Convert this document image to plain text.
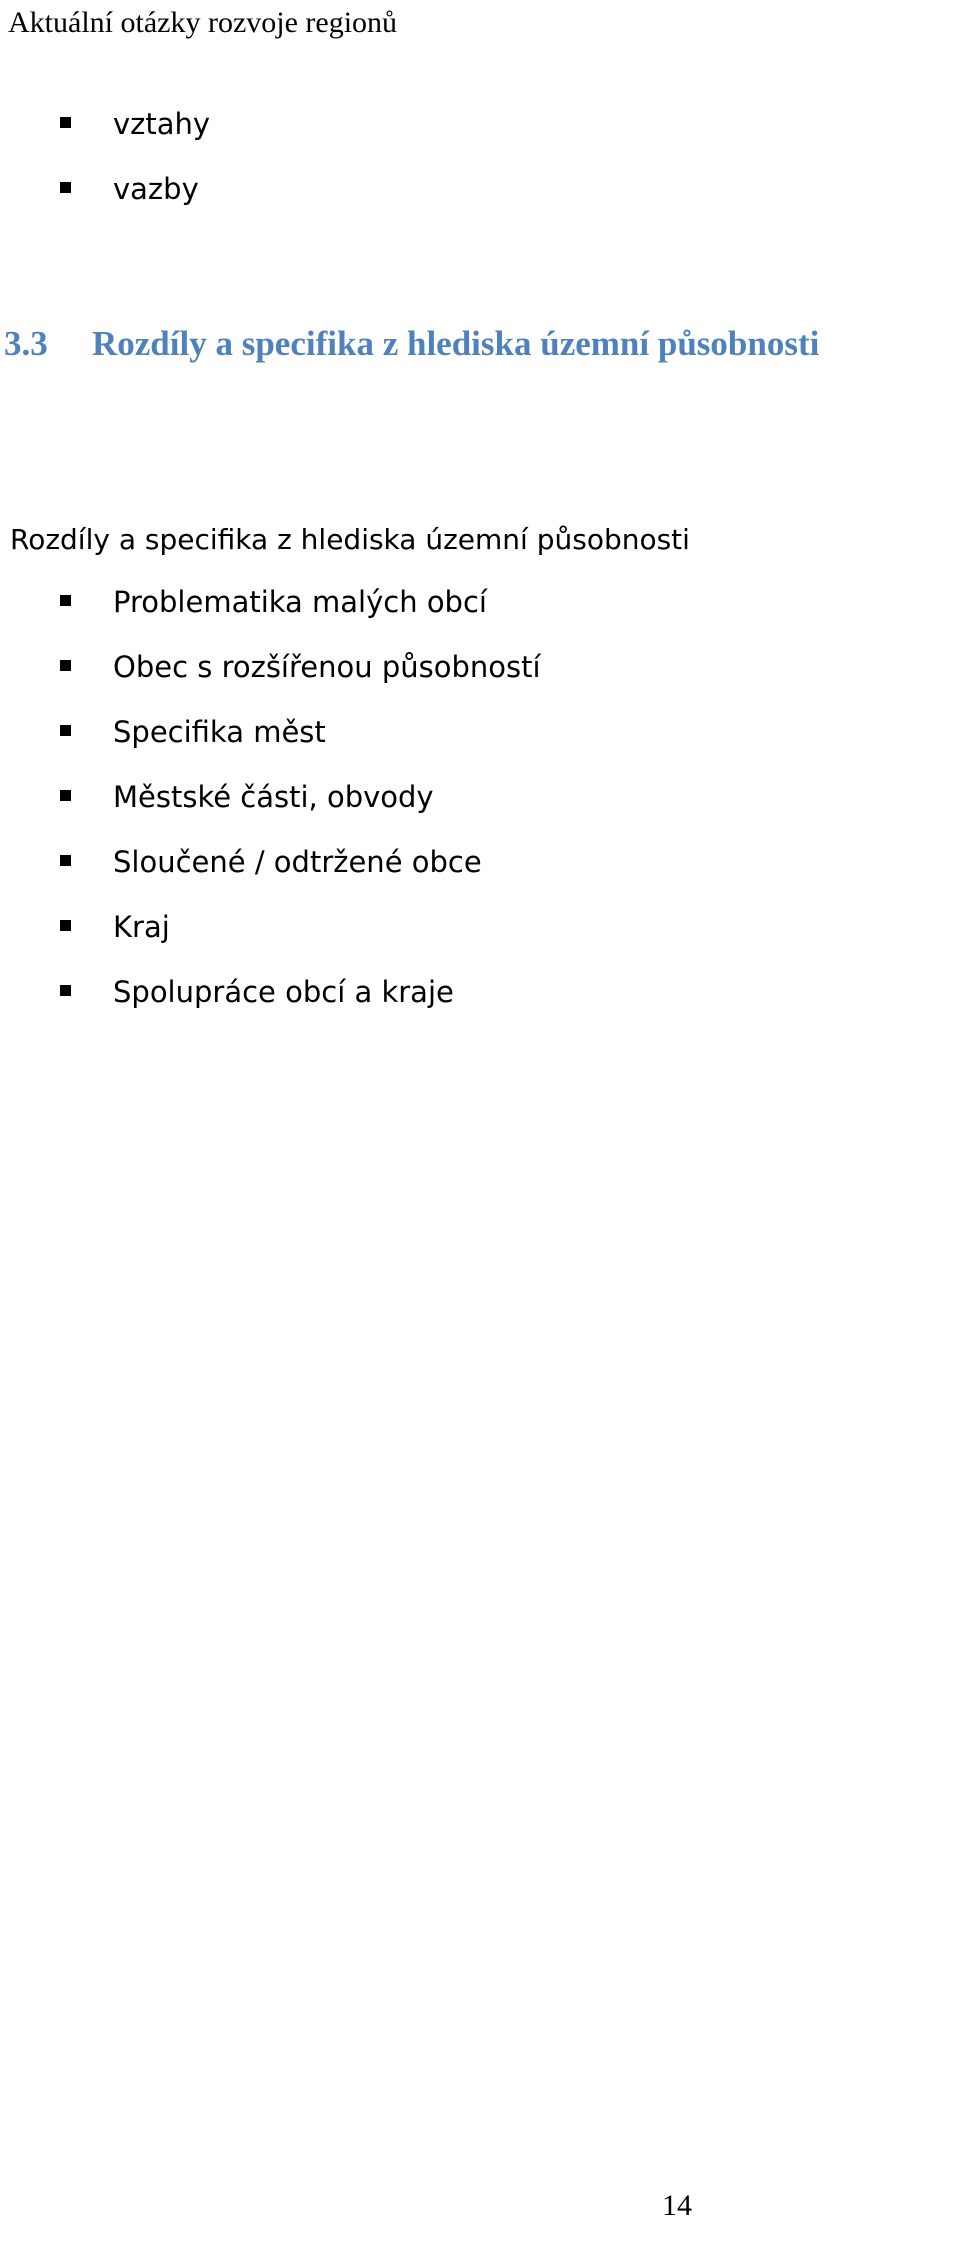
Aktuální otázky rozvoje regionů
vztahy
vazby
3.3 Rozdíly a specifika z hlediska územní působnosti
Rozdíly a specifika z hlediska územní působnosti
Problematika malých obcí
Obec s rozšířenou působností
Specifika měst
Městské části, obvody
Sloučené / odtržené obce
Kraj
Spolupráce obcí a kraje
14
